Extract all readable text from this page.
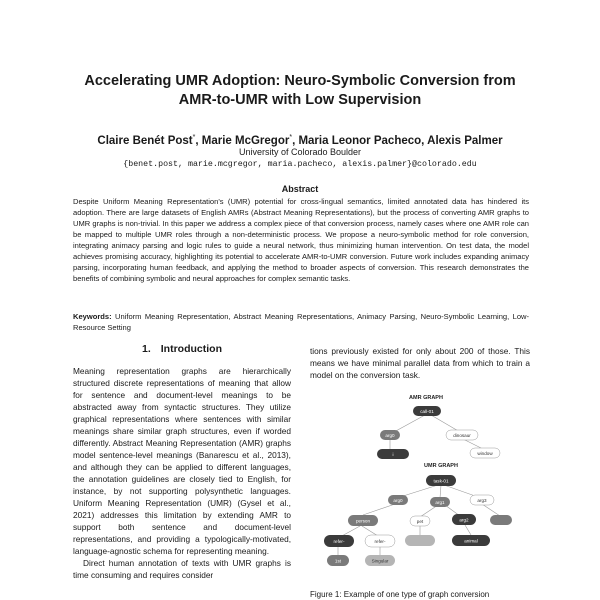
Accelerating UMR Adoption: Neuro-Symbolic Conversion from
AMR-to-UMR with Low Supervision
Claire Benét Post*, Marie McGregor*, Maria Leonor Pacheco, Alexis Palmer
University of Colorado Boulder
{benet.post, marie.mcgregor, maria.pacheco, alexis.palmer}@colorado.edu
Abstract
Despite Uniform Meaning Representation's (UMR) potential for cross-lingual semantics, limited annotated data has hindered its adoption. There are large datasets of English AMRs (Abstract Meaning Representations), but the process of converting AMR graphs to UMR graphs is non-trivial. In this paper we address a complex piece of that conversion process, namely cases where one AMR role can be mapped to multiple UMR roles through a non-deterministic process. We propose a neuro-symbolic method for role conversion, integrating animacy parsing and logic rules to guide a neural network, thus minimizing human intervention. On test data, the model achieves promising accuracy, highlighting its potential to accelerate AMR-to-UMR conversion. Future work includes expanding animacy parsing, incorporating human feedback, and applying the method to broader aspects of conversion. This research demonstrates the benefits of combining symbolic and neural approaches for complex semantic tasks.
Keywords: Uniform Meaning Representation, Abstract Meaning Representations, Animacy Parsing, Neuro-Symbolic Learning, Low-Resource Setting
1. Introduction

Meaning representation graphs are hierarchically structured discrete representations of meaning that allow for sentence and document-level meanings to be abstracted away from syntactic structures. They utilize graphical representations where sentences with similar meanings share similar graph structures, even if worded differently. Abstract Meaning Representation (AMR) graphs model sentence-level meanings (Banarescu et al., 2013), and although they can be applied to different languages, the annotation guidelines are closely tied to English, for instance, by not supporting polysynthetic languages. Uniform Meaning Representation (UMR) (Gysel et al., 2021) addresses this limitation by extending AMR to support both sentence and document-level representations, and providing a typologically-motivated, language-agnostic schema for representing meaning.

Direct human annotation of texts with UMR graphs is time consuming and requires consider

tions previously existed for only about 200 of those. This means we have minimal parallel data from which to train a model on the conversion task.
AMR GRAPH
call-01
arg0	dinosaur
i	window
UMR GRAPH
task-01
arg0	arg1
person	pet	arg2
arg3
refer-	refer-	animal
1st	Singular
Figure 1: Example of one type of graph conversion
